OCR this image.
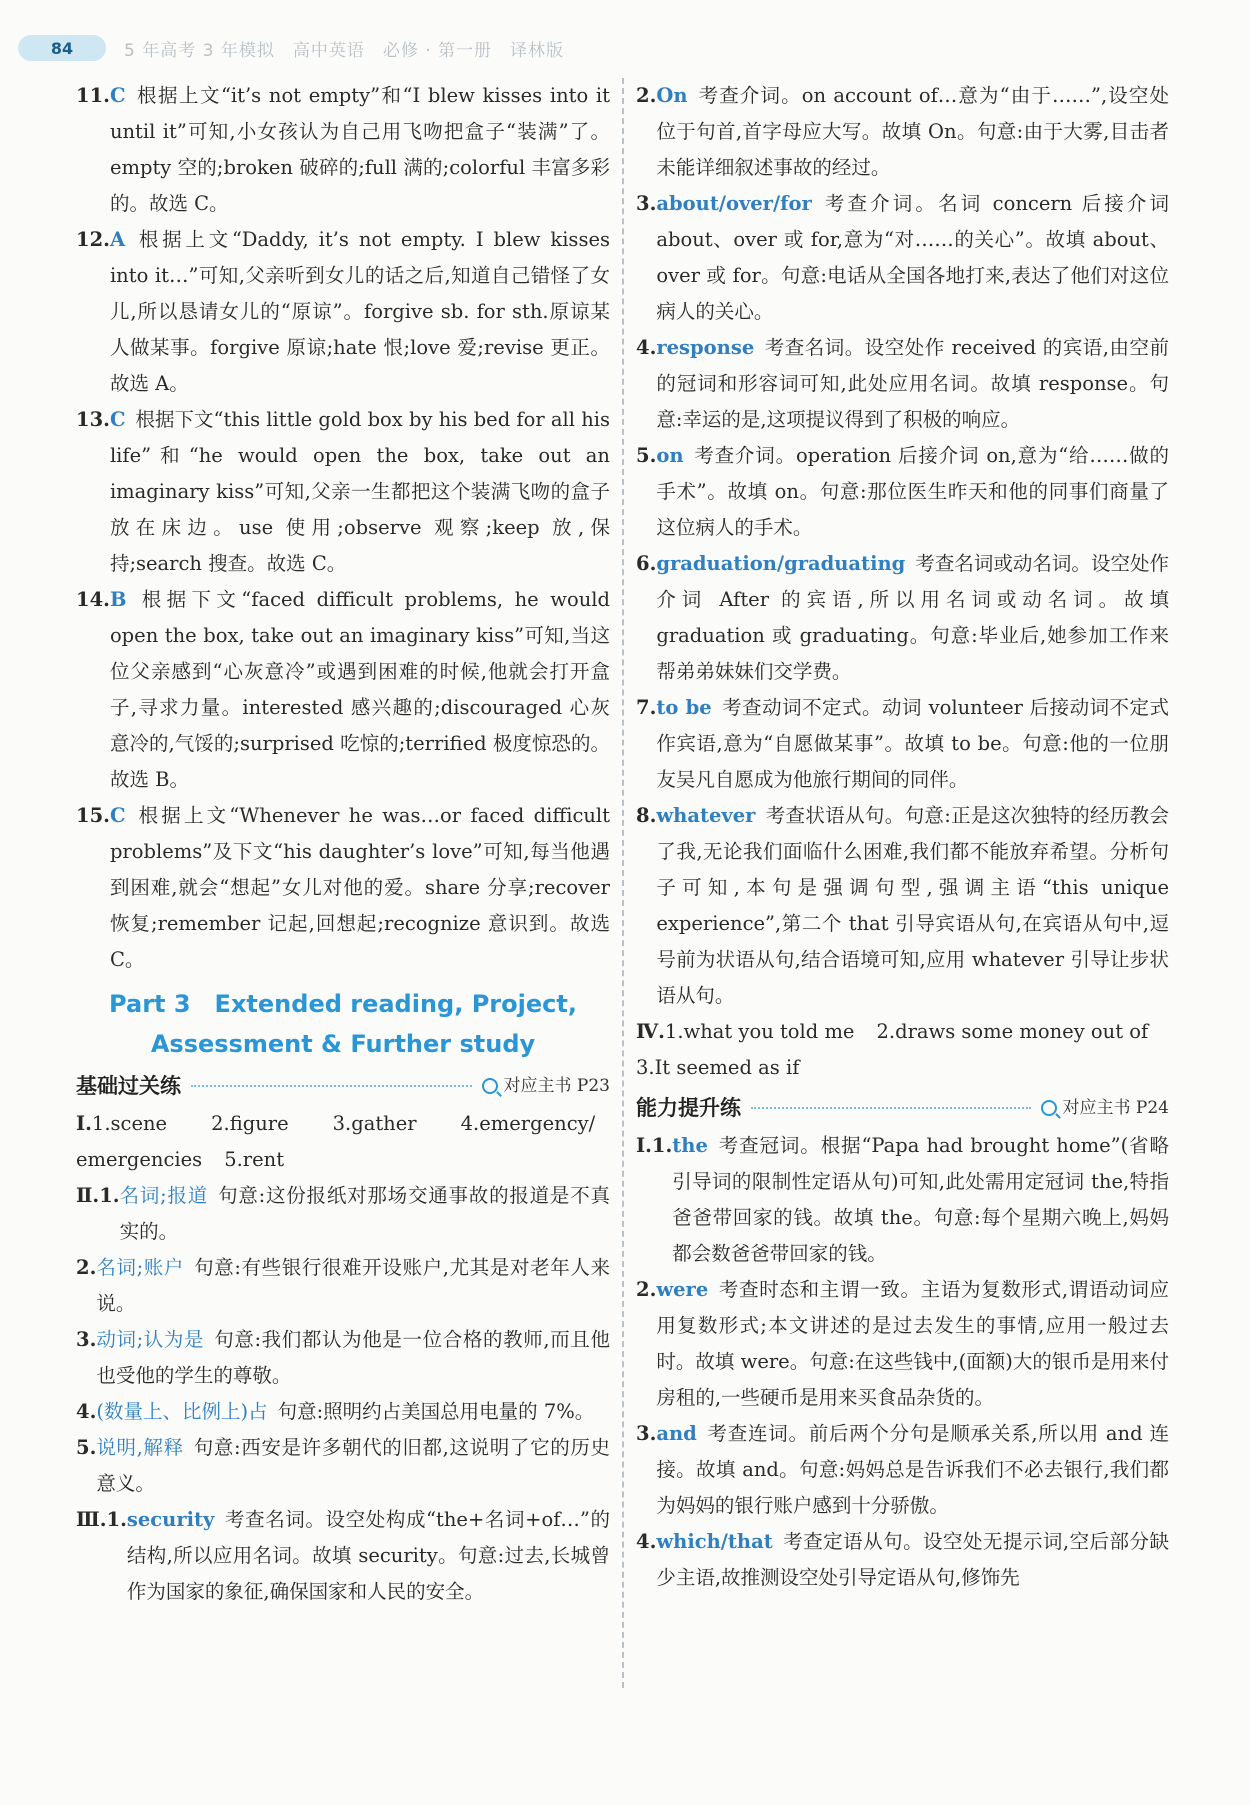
84	5 年高考 3 年模拟　高中英语　必修 · 第一册　译林版
11. C 根据上文“it’s not empty”和“I blew kisses into it until it”可知,小女孩认为自己用飞吻把盒子“装满”了。empty 空的;broken 破碎的;full 满的;colorful 丰富多彩的。故选 C。
12. A 根据上文“Daddy, it’s not empty. I blew kisses into it…”可知,父亲听到女儿的话之后,知道自己错怪了女儿,所以恳请女儿的“原谅”。forgive sb. for sth.原谅某人做某事。forgive 原谅;hate 恨;love 爱;revise 更正。故选 A。
13. C 根据下文“this little gold box by his bed for all his life”和“he would open the box, take out an imaginary kiss”可知,父亲一生都把这个装满飞吻的盒子放在床边。use 使用;observe 观察;keep 放,保持;search 搜查。故选 C。
14. B 根据下文“faced difficult problems, he would open the box, take out an imaginary kiss”可知,当这位父亲感到“心灰意冷”或遇到困难的时候,他就会打开盒子,寻求力量。interested 感兴趣的;discouraged 心灰意冷的,气馁的;surprised 吃惊的;terrified 极度惊恐的。故选 B。
15. C 根据上文“Whenever he was…or faced difficult problems”及下文“his daughter’s love”可知,每当他遇到困难,就会“想起”女儿对他的爱。share 分享;recover 恢复;remember 记起,回想起;recognize 意识到。故选 C。
Part 3　Extended reading, Project,
Assessment & Further study
基础过关练	对应主书 P23
Ⅰ.1.scene 2.figure 3.gather 4.emergency/
emergencies 5.rent
Ⅱ.1. 名词;报道 句意:这份报纸对那场交通事故的报道是不真实的。
2. 名词;账户 句意:有些银行很难开设账户,尤其是对老年人来说。
3. 动词;认为是 句意:我们都认为他是一位合格的教师,而且他也受他的学生的尊敬。
4. (数量上、比例上)占 句意:照明约占美国总用电量的 7%。
5. 说明,解释 句意:西安是许多朝代的旧都,这说明了它的历史意义。
Ⅲ.1. security 考查名词。设空处构成“the+名词+of…”的结构,所以应用名词。故填 security。句意:过去,长城曾作为国家的象征,确保国家和人民的安全。
2. On 考查介词。on account of…意为“由于……”,设空处位于句首,首字母应大写。故填 On。句意:由于大雾,目击者未能详细叙述事故的经过。
3. about/over/for 考查介词。名词 concern 后接介词 about、over 或 for,意为“对……的关心”。故填 about、over 或 for。句意:电话从全国各地打来,表达了他们对这位病人的关心。
4. response 考查名词。设空处作 received 的宾语,由空前的冠词和形容词可知,此处应用名词。故填 response。句意:幸运的是,这项提议得到了积极的响应。
5. on 考查介词。operation 后接介词 on,意为“给……做的手术”。故填 on。句意:那位医生昨天和他的同事们商量了这位病人的手术。
6. graduation/graduating 考查名词或动名词。设空处作介词 After 的宾语,所以用名词或动名词。故填 graduation 或 graduating。句意:毕业后,她参加工作来帮弟弟妹妹们交学费。
7. to be 考查动词不定式。动词 volunteer 后接动词不定式作宾语,意为“自愿做某事”。故填 to be。句意:他的一位朋友吴凡自愿成为他旅行期间的同伴。
8. whatever 考查状语从句。句意:正是这次独特的经历教会了我,无论我们面临什么困难,我们都不能放弃希望。分析句子可知,本句是强调句型,强调主语“this unique experience”,第二个 that 引导宾语从句,在宾语从句中,逗号前为状语从句,结合语境可知,应用 whatever 引导让步状语从句。
Ⅳ.1.what you told me 2.draws some money out of
3.It seemed as if
能力提升练	对应主书 P24
Ⅰ.1. the 考查冠词。根据“Papa had brought home”(省略引导词的限制性定语从句)可知,此处需用定冠词 the,特指爸爸带回家的钱。故填 the。句意:每个星期六晚上,妈妈都会数爸爸带回家的钱。
2. were 考查时态和主谓一致。主语为复数形式,谓语动词应用复数形式;本文讲述的是过去发生的事情,应用一般过去时。故填 were。句意:在这些钱中,(面额)大的银币是用来付房租的,一些硬币是用来买食品杂货的。
3. and 考查连词。前后两个分句是顺承关系,所以用 and 连接。故填 and。句意:妈妈总是告诉我们不必去银行,我们都为妈妈的银行账户感到十分骄傲。
4. which/that 考查定语从句。设空处无提示词,空后部分缺少主语,故推测设空处引导定语从句,修饰先
